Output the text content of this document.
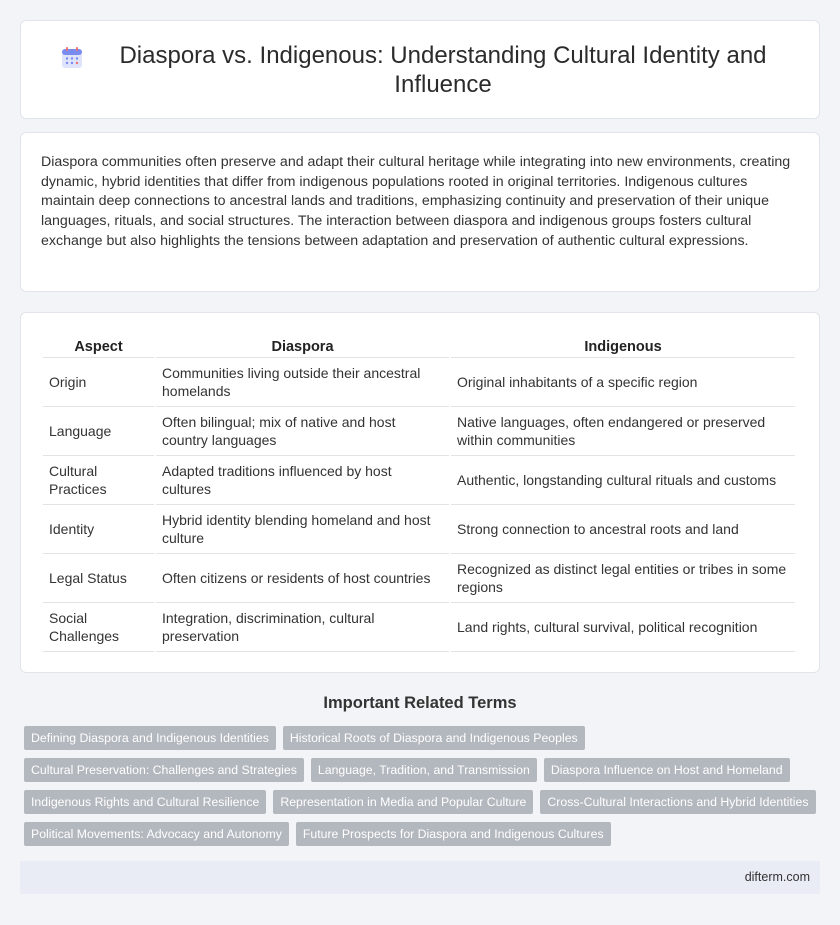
Diaspora vs. Indigenous: Understanding Cultural Identity and Influence

Diaspora communities often preserve and adapt their cultural heritage while integrating into new environments, creating dynamic, hybrid identities that differ from indigenous populations rooted in original territories. Indigenous cultures maintain deep connections to ancestral lands and traditions, emphasizing continuity and preservation of their unique languages, rituals, and social structures. The interaction between diaspora and indigenous groups fosters cultural exchange but also highlights the tensions between adaptation and preservation of authentic cultural expressions.

Aspect	Diaspora	Indigenous
Origin	Communities living outside their ancestral homelands	Original inhabitants of a specific region
Language	Often bilingual; mix of native and host country languages	Native languages, often endangered or preserved within communities
Cultural Practices	Adapted traditions influenced by host cultures	Authentic, longstanding cultural rituals and customs
Identity	Hybrid identity blending homeland and host culture	Strong connection to ancestral roots and land
Legal Status	Often citizens or residents of host countries	Recognized as distinct legal entities or tribes in some regions
Social Challenges	Integration, discrimination, cultural preservation	Land rights, cultural survival, political recognition
Important Related Terms
Defining Diaspora and Indigenous Identities	Historical Roots of Diaspora and Indigenous Peoples
Cultural Preservation: Challenges and Strategies	Language, Tradition, and Transmission	Diaspora Influence on Host and Homeland
Indigenous Rights and Cultural Resilience	Representation in Media and Popular Culture	Cross-Cultural Interactions and Hybrid Identities
Political Movements: Advocacy and Autonomy	Future Prospects for Diaspora and Indigenous Cultures
difterm.com
